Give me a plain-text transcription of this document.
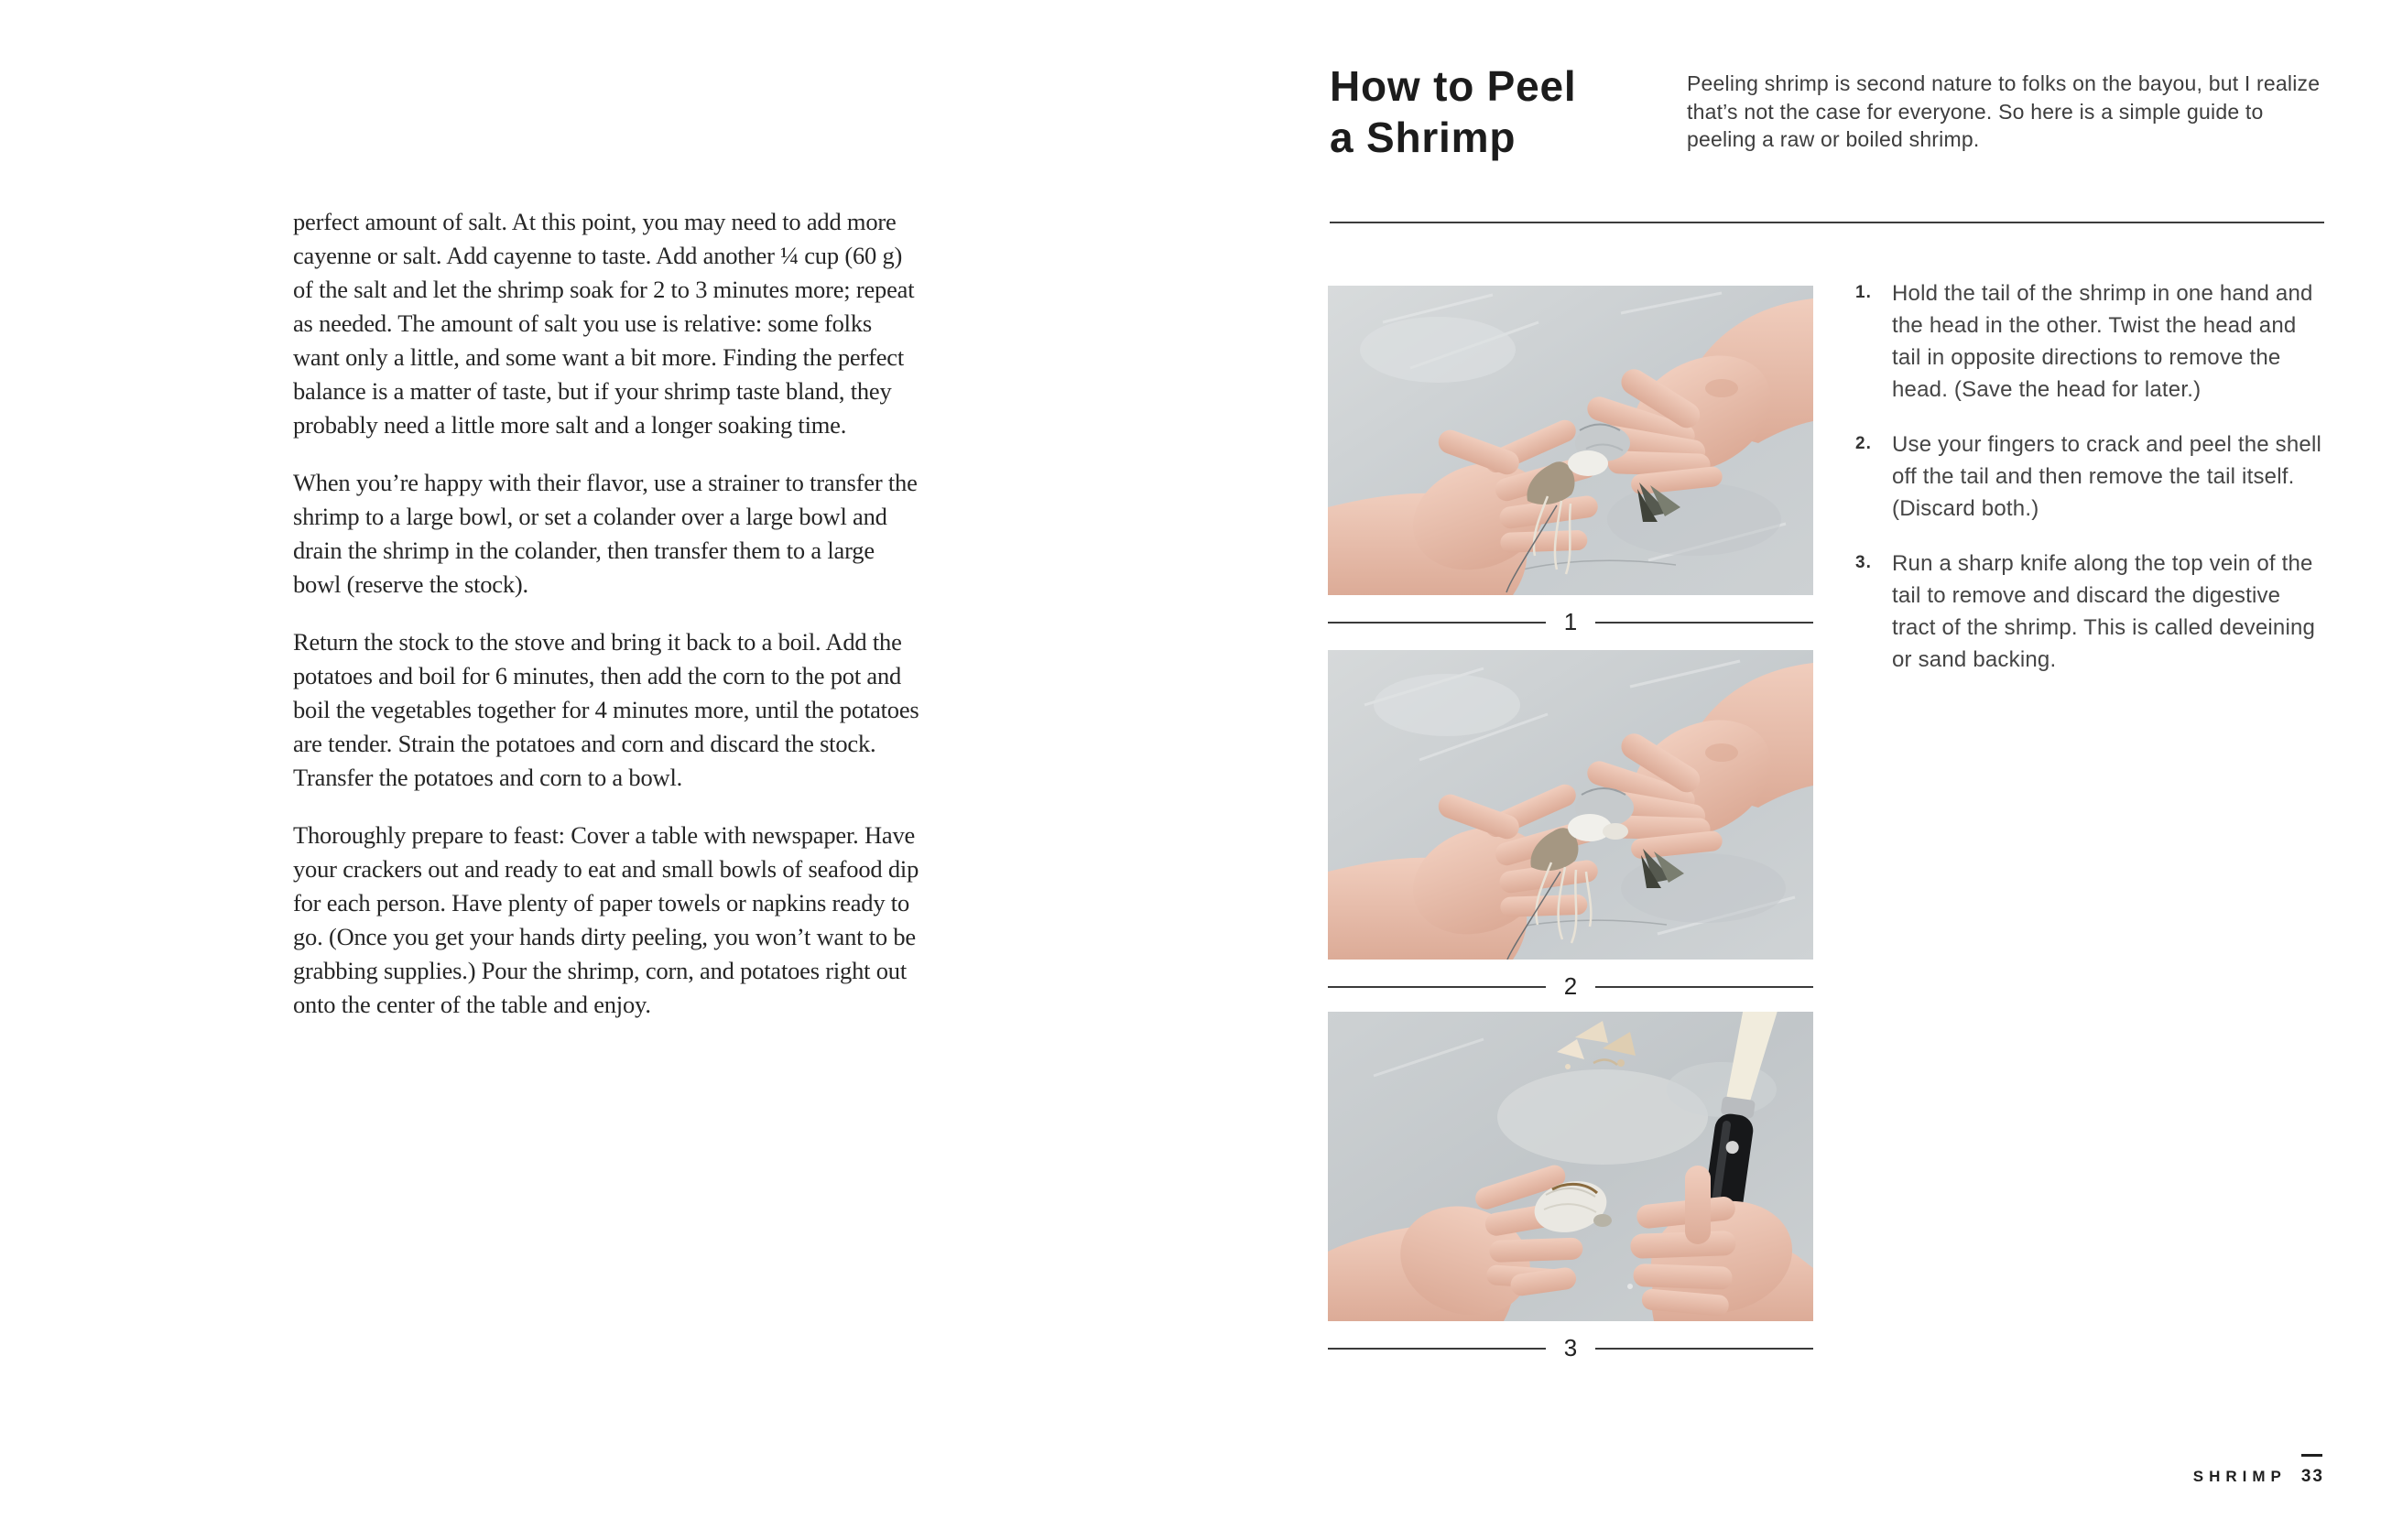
perfect amount of salt. At this point, you may need to add more cayenne or salt. Add cayenne to taste. Add another ¼ cup (60 g) of the salt and let the shrimp soak for 2 to 3 minutes more; repeat as needed. The amount of salt you use is relative: some folks want only a little, and some want a bit more. Finding the perfect balance is a matter of taste, but if your shrimp taste bland, they probably need a little more salt and a longer soaking time.

When you’re happy with their flavor, use a strainer to transfer the shrimp to a large bowl, or set a colander over a large bowl and drain the shrimp in the colander, then transfer them to a large bowl (reserve the stock).

Return the stock to the stove and bring it back to a boil. Add the potatoes and boil for 6 minutes, then add the corn to the pot and boil the vegetables together for 4 minutes more, until the potatoes are tender. Strain the potatoes and corn and discard the stock. Transfer the potatoes and corn to a bowl.

Thoroughly prepare to feast: Cover a table with newspaper. Have your crackers out and ready to eat and small bowls of seafood dip for each person. Have plenty of paper towels or napkins ready to go. (Once you get your hands dirty peeling, you won’t want to be grabbing supplies.) Pour the shrimp, corn, and potatoes right out onto the center of the table and enjoy.

How to Peel
a Shrimp
Peeling shrimp is second nature to folks on the bayou, but I realize that’s not the case for everyone. So here is a simple guide to peeling a raw or boiled shrimp.
1
2
3
1. Hold the tail of the shrimp in one hand and the head in the other. Twist the head and tail in opposite directions to remove the head. (Save the head for later.)
2. Use your fingers to crack and peel the shell off the tail and then remove the tail itself. (Discard both.)
3. Run a sharp knife along the top vein of the tail to remove and discard the digestive tract of the shrimp. This is called deveining or sand backing.
SHRIMP 33
